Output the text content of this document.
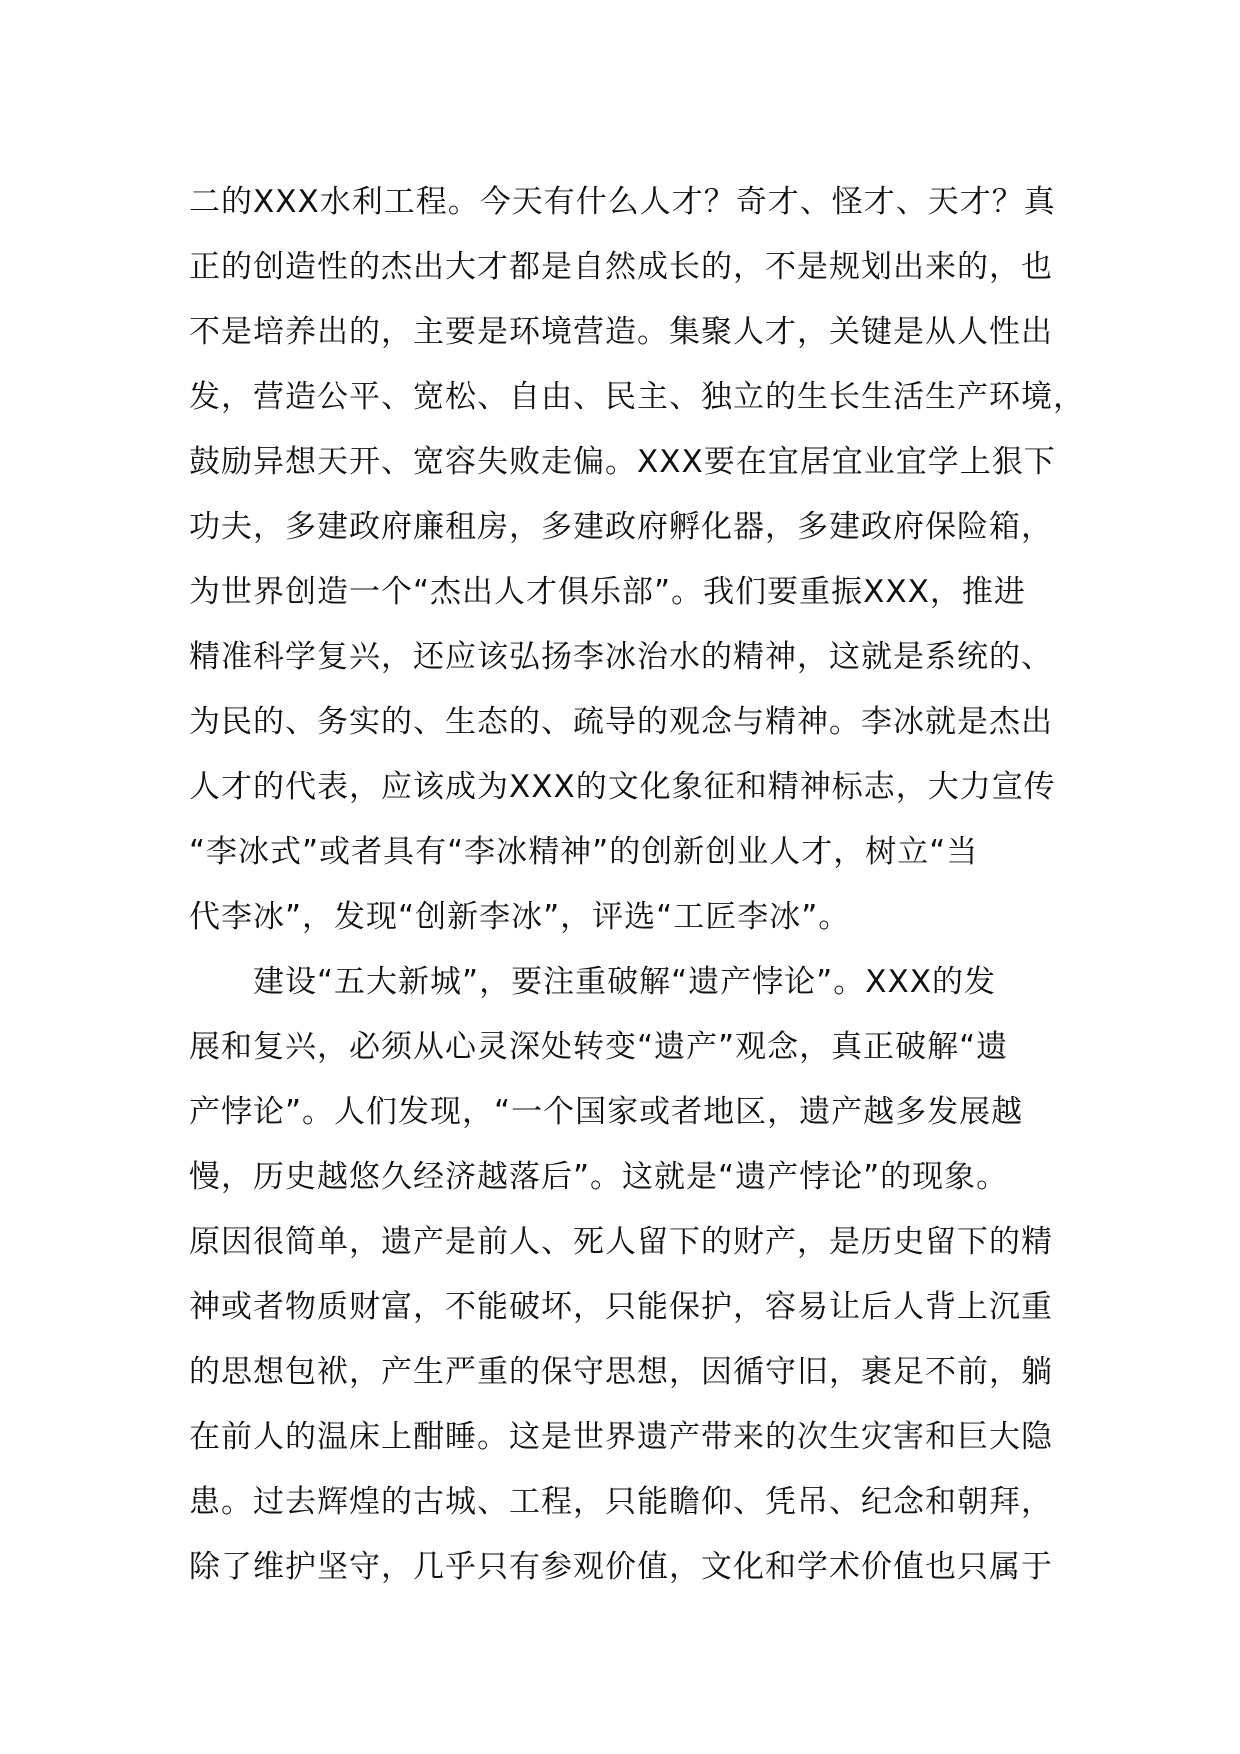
二的XXX水利工程。今天有什么人才？奇才、怪才、天才？真
正的创造性的杰出大才都是自然成长的，不是规划出来的，也
不是培养出的，主要是环境营造。集聚人才，关键是从人性出
发，营造公平、宽松、自由、民主、独立的生长生活生产环境，
鼓励异想天开、宽容失败走偏。XXX要在宜居宜业宜学上狠下
功夫，多建政府廉租房，多建政府孵化器，多建政府保险箱，
为世界创造一个“杰出人才俱乐部”。我们要重振XXX，推进
精准科学复兴，还应该弘扬李冰治水的精神，这就是系统的、
为民的、务实的、生态的、疏导的观念与精神。李冰就是杰出
人才的代表，应该成为XXX的文化象征和精神标志，大力宣传
“李冰式”或者具有“李冰精神”的创新创业人才，树立“当
代李冰”，发现“创新李冰”，评选“工匠李冰”。
　　建设“五大新城”，要注重破解“遗产悖论”。XXX的发
展和复兴，必须从心灵深处转变“遗产”观念，真正破解“遗
产悖论”。人们发现，“一个国家或者地区，遗产越多发展越
慢，历史越悠久经济越落后”。这就是“遗产悖论”的现象。
原因很简单，遗产是前人、死人留下的财产，是历史留下的精
神或者物质财富，不能破坏，只能保护，容易让后人背上沉重
的思想包袱，产生严重的保守思想，因循守旧，裹足不前，躺
在前人的温床上酣睡。这是世界遗产带来的次生灾害和巨大隐
患。过去辉煌的古城、工程，只能瞻仰、凭吊、纪念和朝拜，
除了维护坚守，几乎只有参观价值，文化和学术价值也只属于
